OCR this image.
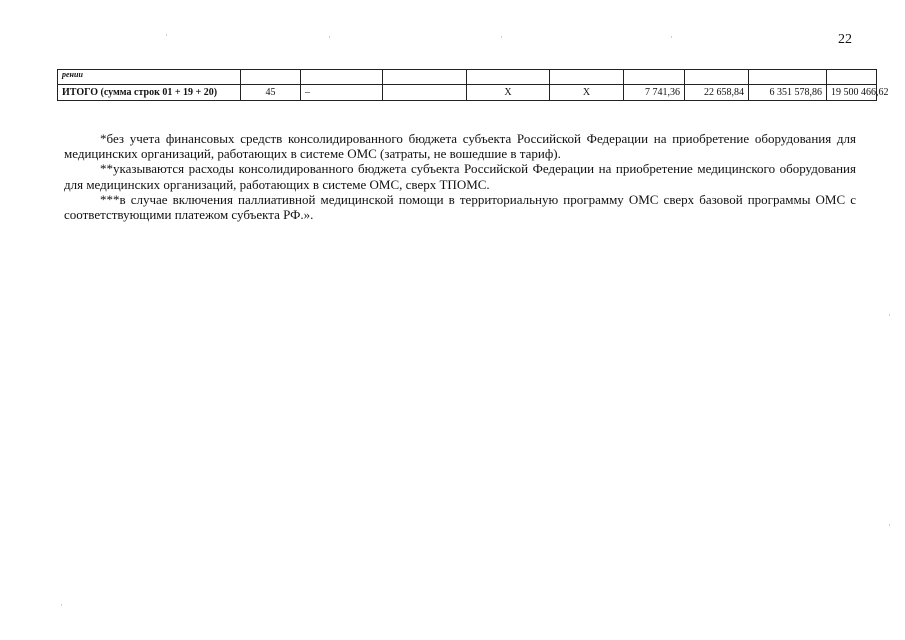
22
рении										
ИТОГО (сумма строк 01 + 19 + 20)	45	–		X	X	7 741,36	22 658,84	6 351 578,86	19 500 466,62	

*без учета финансовых средств консолидированного бюджета субъекта Российской Федерации на приобретение оборудования для медицинских организаций, работающих в системе ОМС (затраты, не вошедшие в тариф).

**указываются расходы консолидированного бюджета субъекта Российской Федерации на приобретение медицинского оборудования для медицинских организаций, работающих в системе ОМС, сверх ТПОМС.

***в случае включения паллиативной медицинской помощи в территориальную программу ОМС сверх базовой программы ОМС с соответствующими платежом субъекта РФ.».

·	·	·	·
·
·
·
